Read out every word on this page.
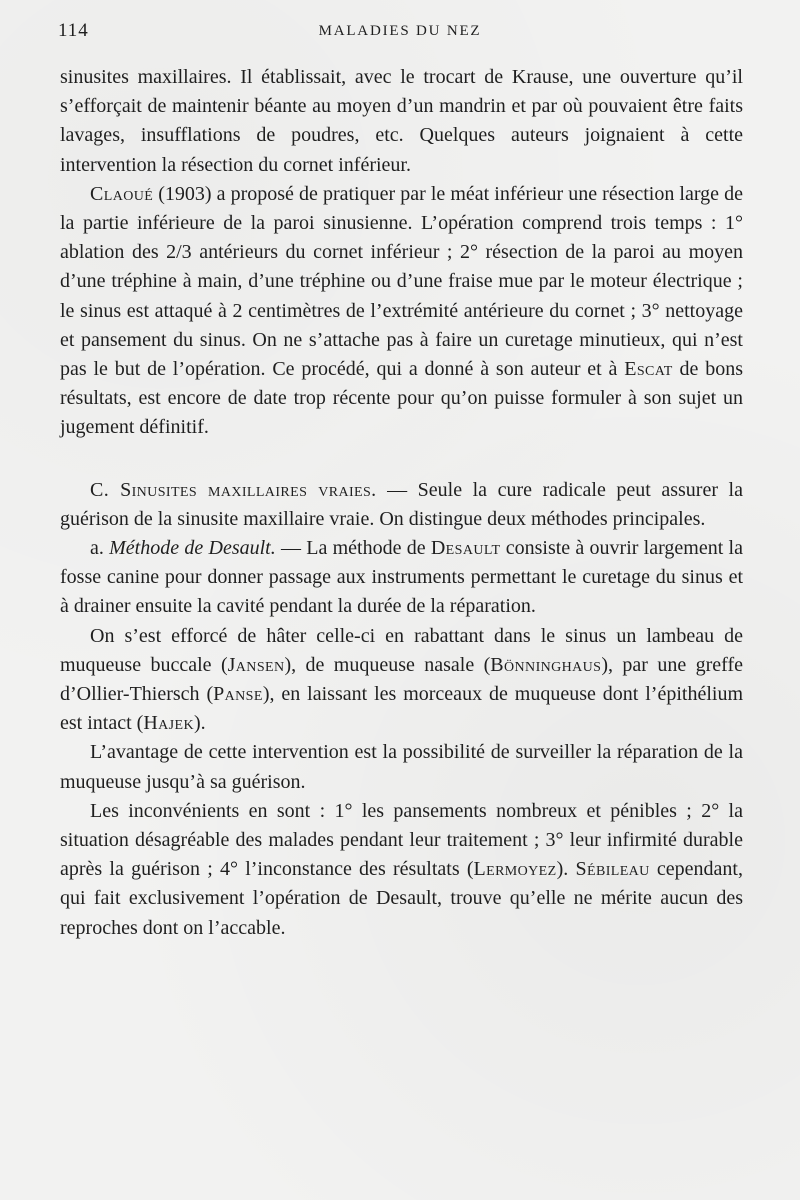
114	MALADIES DU NEZ

sinusites maxillaires. Il établissait, avec le trocart de Krause, une ouverture qu’il s’efforçait de maintenir béante au moyen d’un mandrin et par où pouvaient être faits lavages, insufflations de poudres, etc. Quelques auteurs joignaient à cette intervention la résection du cornet inférieur.

Claoué (1903) a proposé de pratiquer par le méat inférieur une résection large de la partie inférieure de la paroi sinusienne. L’opération comprend trois temps : 1° ablation des 2/3 antérieurs du cornet inférieur ; 2° résection de la paroi au moyen d’une tréphine à main, d’une tréphine ou d’une fraise mue par le moteur électrique ; le sinus est attaqué à 2 centimètres de l’extrémité antérieure du cornet ; 3° nettoyage et pansement du sinus. On ne s’attache pas à faire un curetage minutieux, qui n’est pas le but de l’opération. Ce procédé, qui a donné à son auteur et à Escat de bons résultats, est encore de date trop récente pour qu’on puisse formuler à son sujet un jugement définitif.

C. Sinusites maxillaires vraies. — Seule la cure radicale peut assurer la guérison de la sinusite maxillaire vraie. On distingue deux méthodes principales.

a. Méthode de Desault. — La méthode de Desault consiste à ouvrir largement la fosse canine pour donner passage aux instruments permettant le curetage du sinus et à drainer ensuite la cavité pendant la durée de la réparation.

On s’est efforcé de hâter celle-ci en rabattant dans le sinus un lambeau de muqueuse buccale (Jansen), de muqueuse nasale (Bönninghaus), par une greffe d’Ollier-Thiersch (Panse), en laissant les morceaux de muqueuse dont l’épithélium est intact (Hajek).

L’avantage de cette intervention est la possibilité de surveiller la réparation de la muqueuse jusqu’à sa guérison.

Les inconvénients en sont : 1° les pansements nombreux et pénibles ; 2° la situation désagréable des malades pendant leur traitement ; 3° leur infirmité durable après la guérison ; 4° l’inconstance des résultats (Lermoyez). Sébileau cependant, qui fait exclusivement l’opération de Desault, trouve qu’elle ne mérite aucun des reproches dont on l’accable.
